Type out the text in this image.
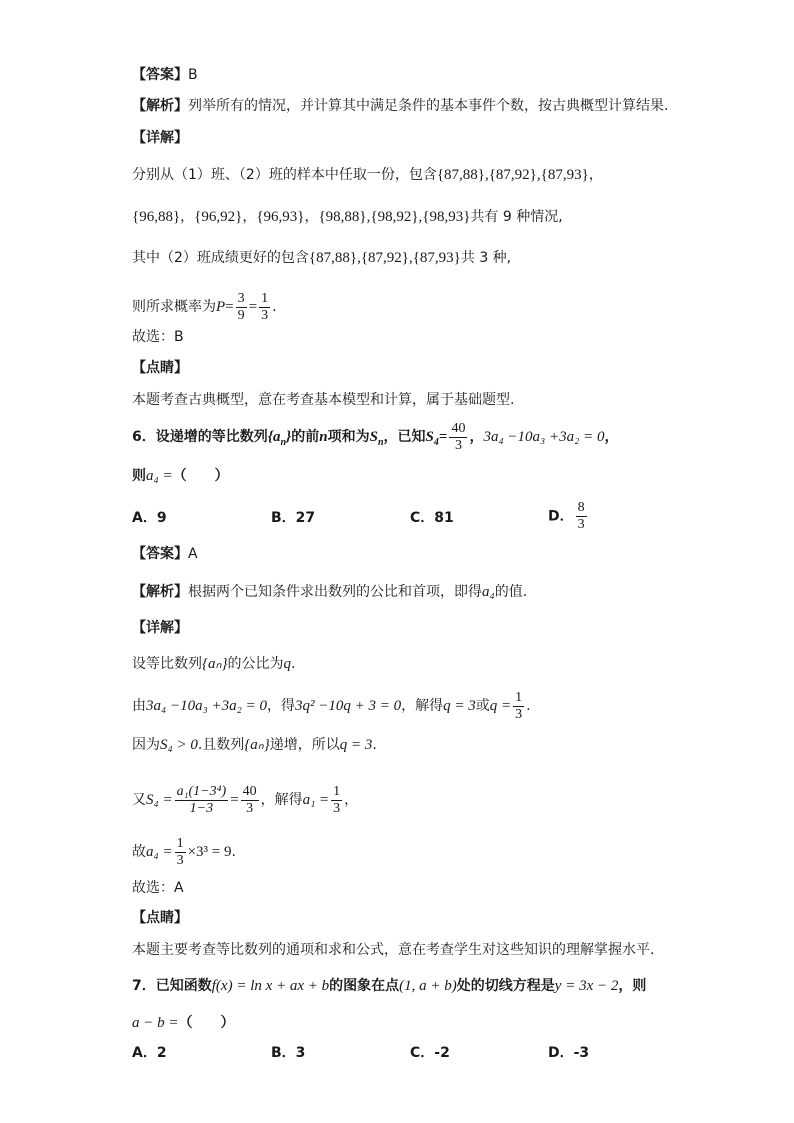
【答案】B
【解析】列举所有的情况，并计算其中满足条件的基本事件个数，按古典概型计算结果.
【详解】
分别从（1）班、（2）班的样本中任取一份，包含{87,88},{87,92},{87,93}，
{96,88}，{96,92}，{96,93}，{98,88},{98,92},{98,93}共有 9 种情况,
其中（2）班成绩更好的包含{87,88},{87,92},{87,93}共 3 种,
则所求概率为$P= \frac{3}{9} = \frac{1}{3}$ .
故选：B
【点睛】
本题考查古典概型，意在考查基本模型和计算，属于基础题型.
6．设递增的等比数列$\{a_n\}$的前n项和为$S_n$，已知$S_4= \frac{40}{3}$ ，3a₄ −10a₃ +3a₂ = 0，
则a₄ =（　　）
A．9	B．27	C．81	D． $\frac{8}{3}$
【答案】A
【解析】根据两个已知条件求出数列的公比和首项，即得a₄的值.
【详解】
设等比数列{aₙ}的公比为q.
由3a₄ −10a₃ +3a₂ = 0，得3q² −10q + 3 = 0，解得q = 3或$q = \frac{1}{3}$ .
因为S₄ > 0.且数列{aₙ}递增，所以q = 3.
又$S_4 = \frac{\text{a₁(1−3⁴)}}{1-3} = \frac{40}{3}$ ，解得$a_1 = \frac{1}{3}$ ，
故$a_4 = \frac{1}{3} \times 3^3 = 9$.
故选：A
【点睛】
本题主要考查等比数列的通项和求和公式，意在考查学生对这些知识的理解掌握水平.
7．已知函数f(x) = ln x + ax + b的图象在点(1, a + b)处的切线方程是y = 3x − 2，则
a − b =（　　）
A．2	B．3	C．-2	D．-3
